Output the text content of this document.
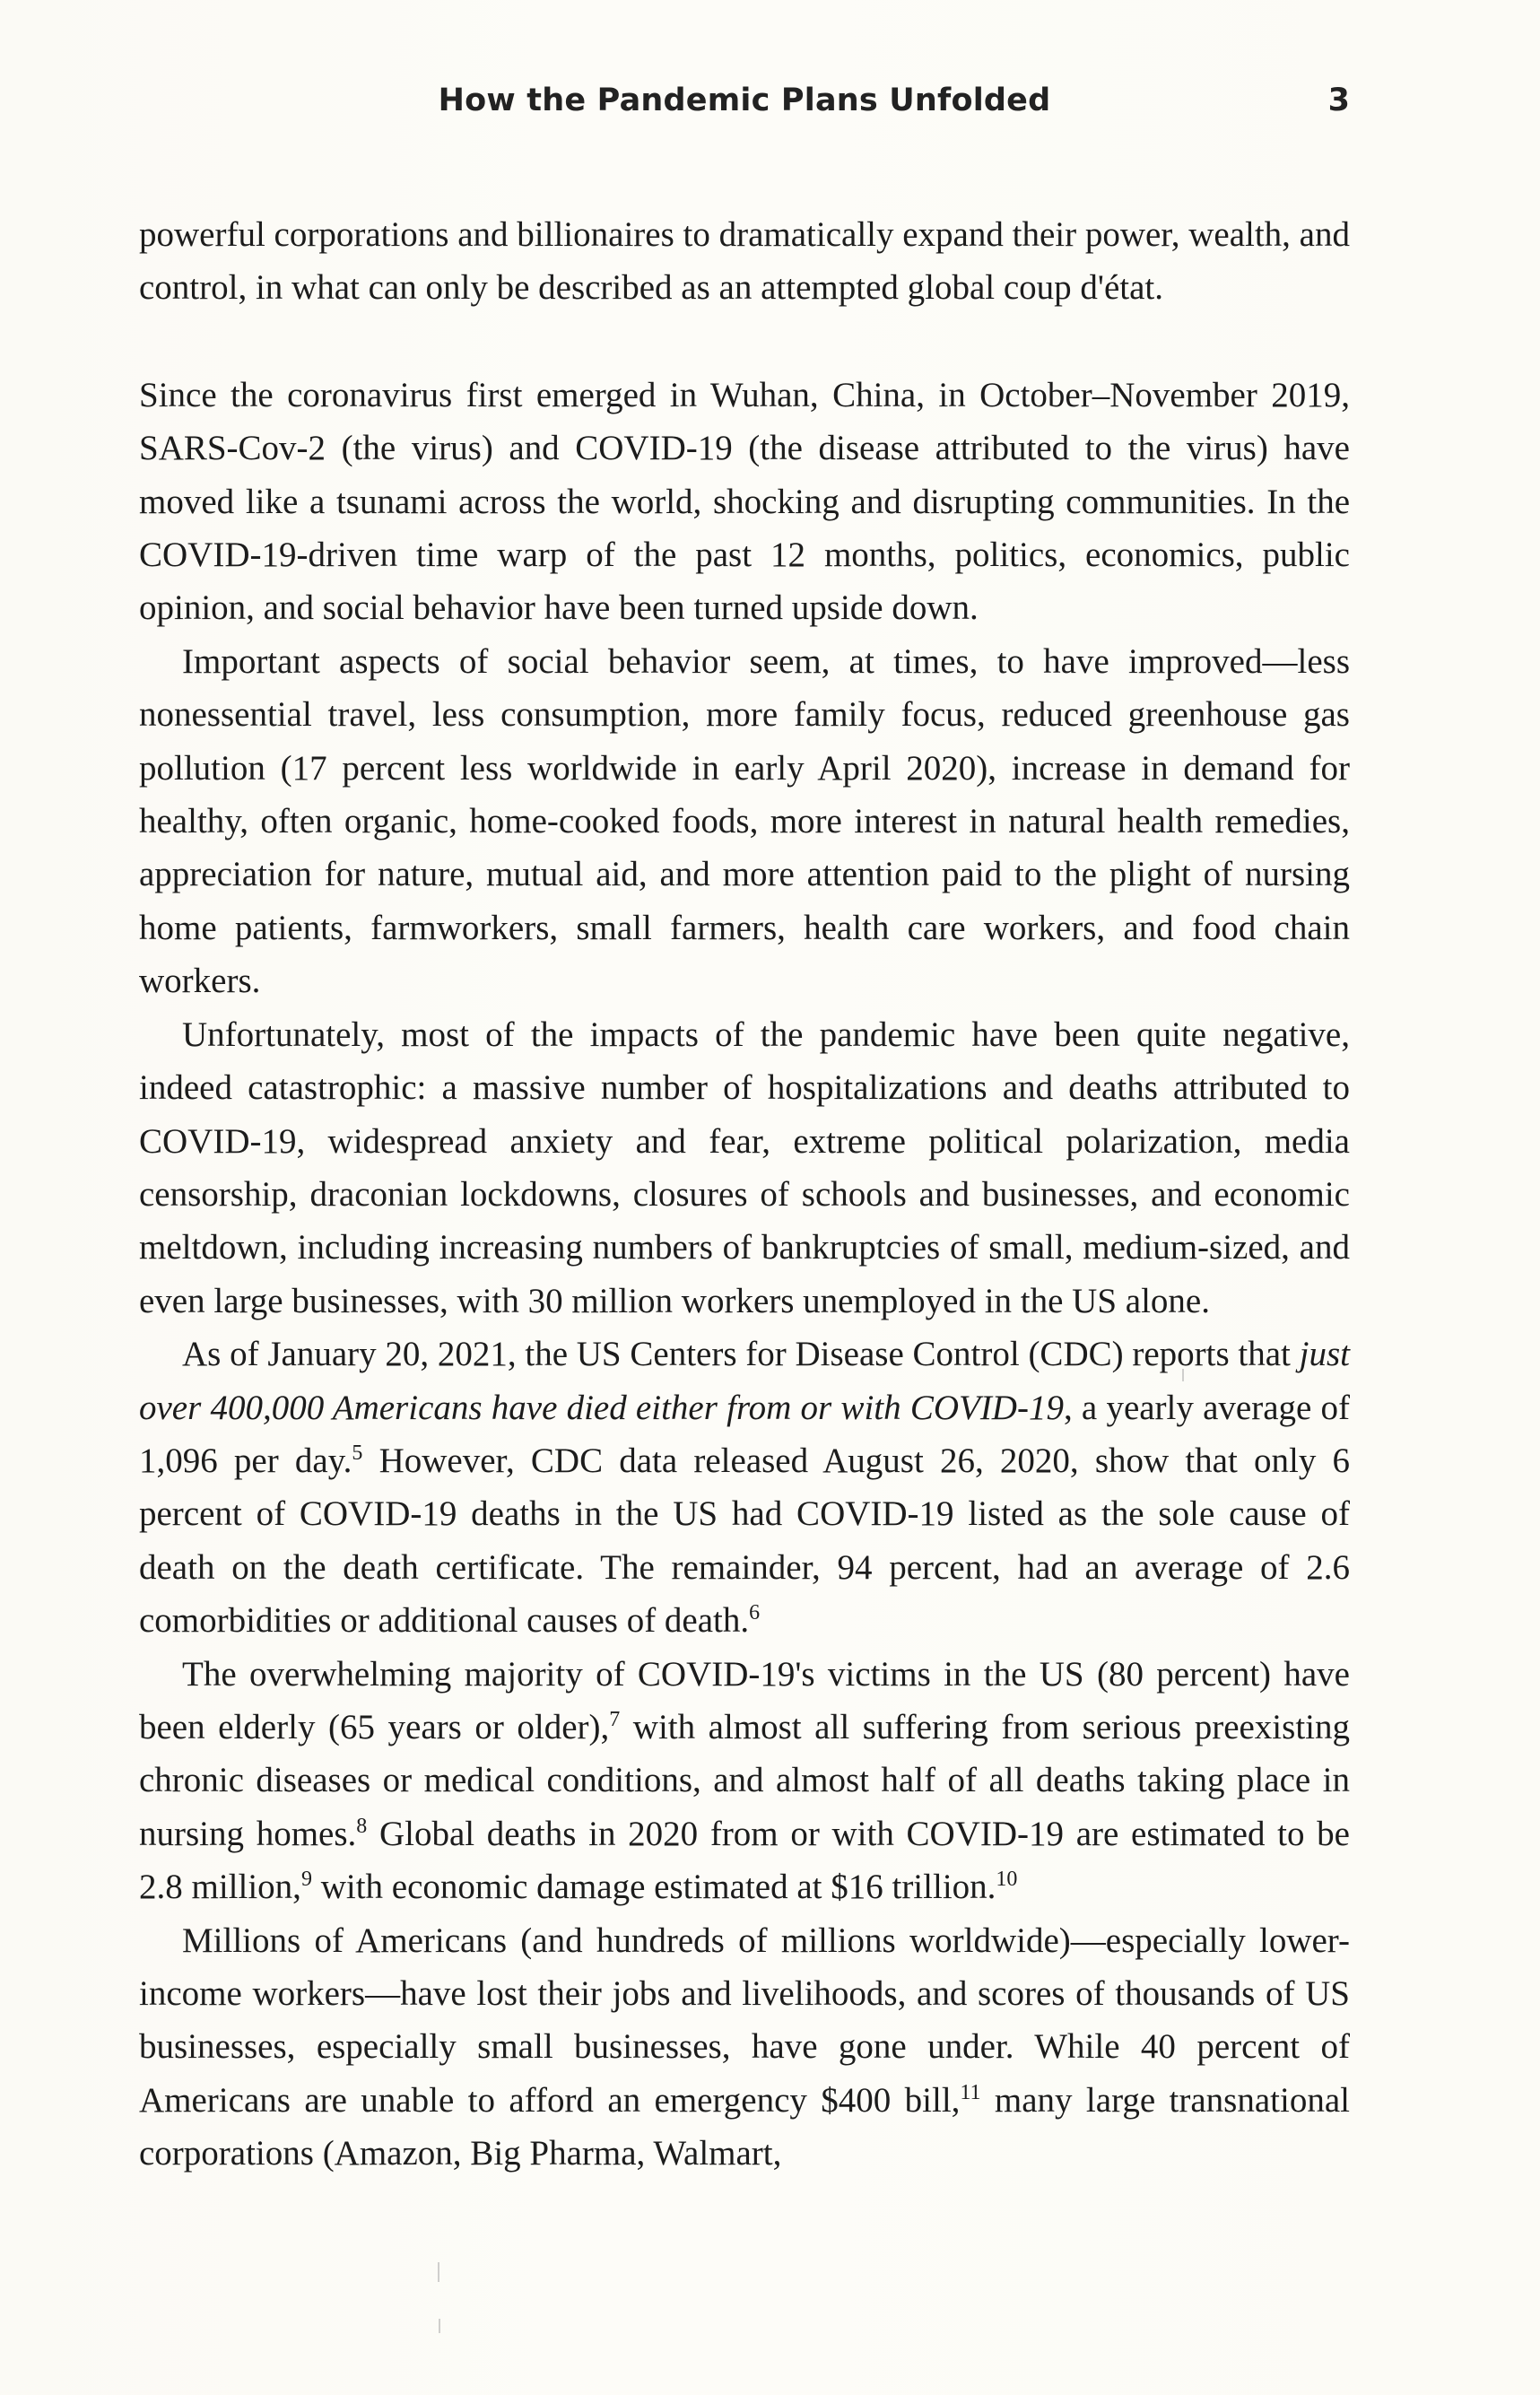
How the Pandemic Plans Unfolded	3

powerful corporations and billionaires to dramatically expand their power, wealth, and control, in what can only be described as an attempted global coup d'état.

Since the coronavirus first emerged in Wuhan, China, in October–November 2019, SARS-Cov-2 (the virus) and COVID-19 (the disease attributed to the virus) have moved like a tsunami across the world, shocking and disrupting communities. In the COVID-19-driven time warp of the past 12 months, politics, economics, public opinion, and social behavior have been turned upside down.

Important aspects of social behavior seem, at times, to have improved—less nonessential travel, less consumption, more family focus, reduced greenhouse gas pollution (17 percent less worldwide in early April 2020), increase in demand for healthy, often organic, home-cooked foods, more interest in natural health remedies, appreciation for nature, mutual aid, and more attention paid to the plight of nursing home patients, farmworkers, small farmers, health care workers, and food chain workers.

Unfortunately, most of the impacts of the pandemic have been quite negative, indeed catastrophic: a massive number of hospitalizations and deaths attributed to COVID-19, widespread anxiety and fear, extreme political polarization, media censorship, draconian lockdowns, closures of schools and businesses, and economic meltdown, including increasing numbers of bankruptcies of small, medium-sized, and even large businesses, with 30 million workers unemployed in the US alone.

As of January 20, 2021, the US Centers for Disease Control (CDC) reports that just over 400,000 Americans have died either from or with COVID-19, a yearly average of 1,096 per day.$^5$ However, CDC data released August 26, 2020, show that only 6 percent of COVID-19 deaths in the US had COVID-19 listed as the sole cause of death on the death certificate. The remainder, 94 percent, had an average of 2.6 comorbidities or additional causes of death.$^6$

The overwhelming majority of COVID-19's victims in the US (80 percent) have been elderly (65 years or older),$^7$ with almost all suffering from serious preexisting chronic diseases or medical conditions, and almost half of all deaths taking place in nursing homes.$^8$ Global deaths in 2020 from or with COVID-19 are estimated to be 2.8 million,$^9$ with economic damage estimated at $16 trillion.$^{10}$

Millions of Americans (and hundreds of millions worldwide)—especially lower-income workers—have lost their jobs and livelihoods, and scores of thousands of US businesses, especially small businesses, have gone under. While 40 percent of Americans are unable to afford an emergency $400 bill,$^{11}$ many large transnational corporations (Amazon, Big Pharma, Walmart,
